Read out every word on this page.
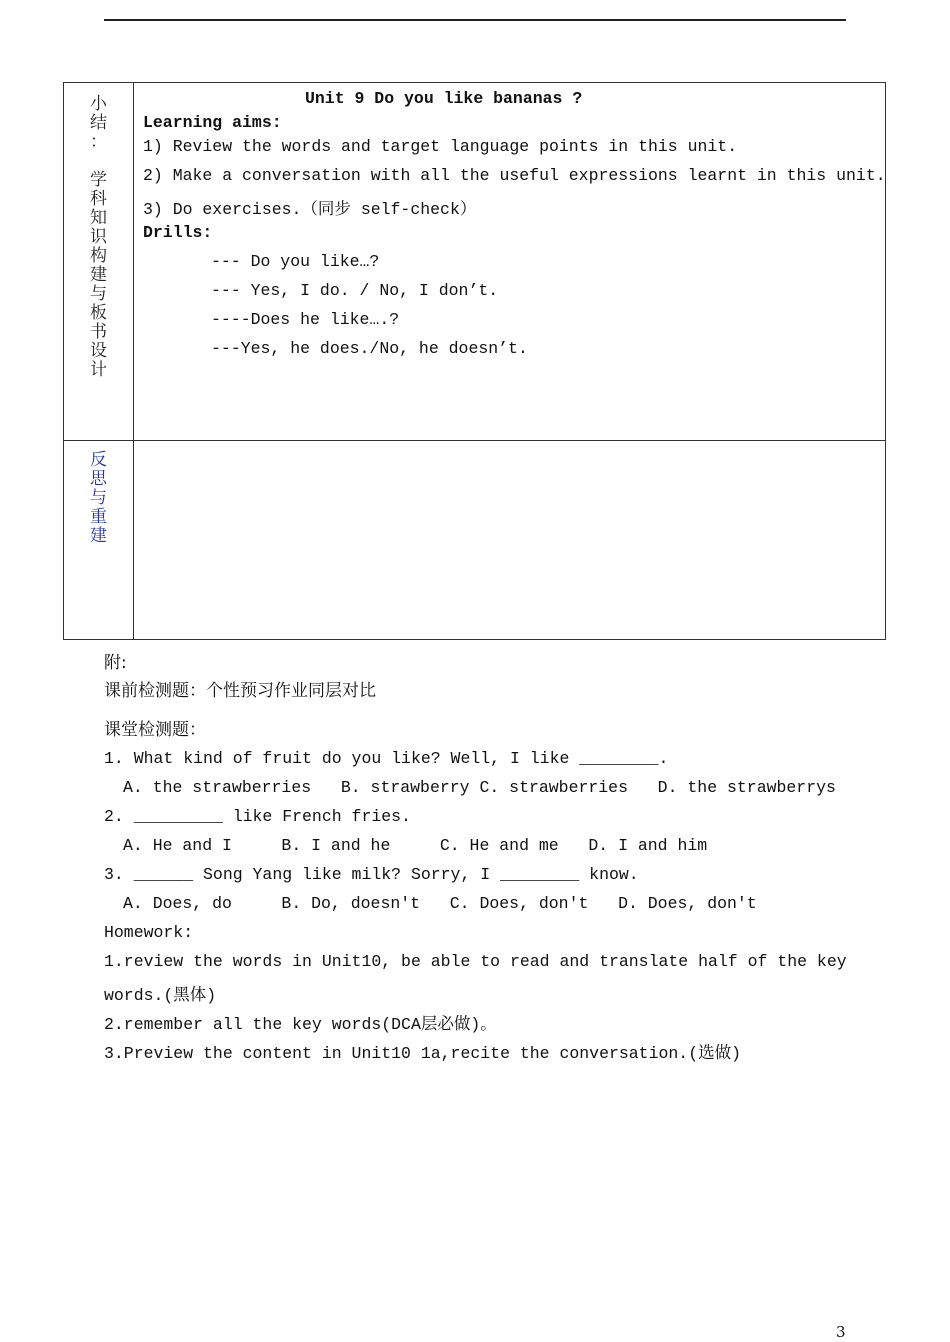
小
结
：

学
科
知
识
构
建
与
板
书
设
计
反
思
与
重
建
Unit 9 Do you like bananas ?
Learning aims:
1) Review the words and target language points in this unit.
2) Make a conversation with all the useful expressions learnt in this unit.
3) Do exercises.（同步 self-check）
Drills:
--- Do you like…?
--- Yes, I do. / No, I don’t.
----Does he like….?
---Yes, he does./No, he doesn’t.
附:
课前检测题：个性预习作业同层对比
课堂检测题：
1. What kind of fruit do you like? Well, I like ________.
A. the strawberries   B. strawberry C. strawberries   D. the strawberrys
2. _________ like French fries.
A. He and I     B. I and he     C. He and me   D. I and him
3. ______ Song Yang like milk? Sorry, I ________ know.
A. Does, do     B. Do, doesn't   C. Does, don't   D. Does, don't
Homework:
1.review the words in Unit10, be able to read and translate half of the key
words.(黑体)
2.remember all the key words(DCA层必做)。
3.Preview the content in Unit10 1a,recite the conversation.(选做)
3
